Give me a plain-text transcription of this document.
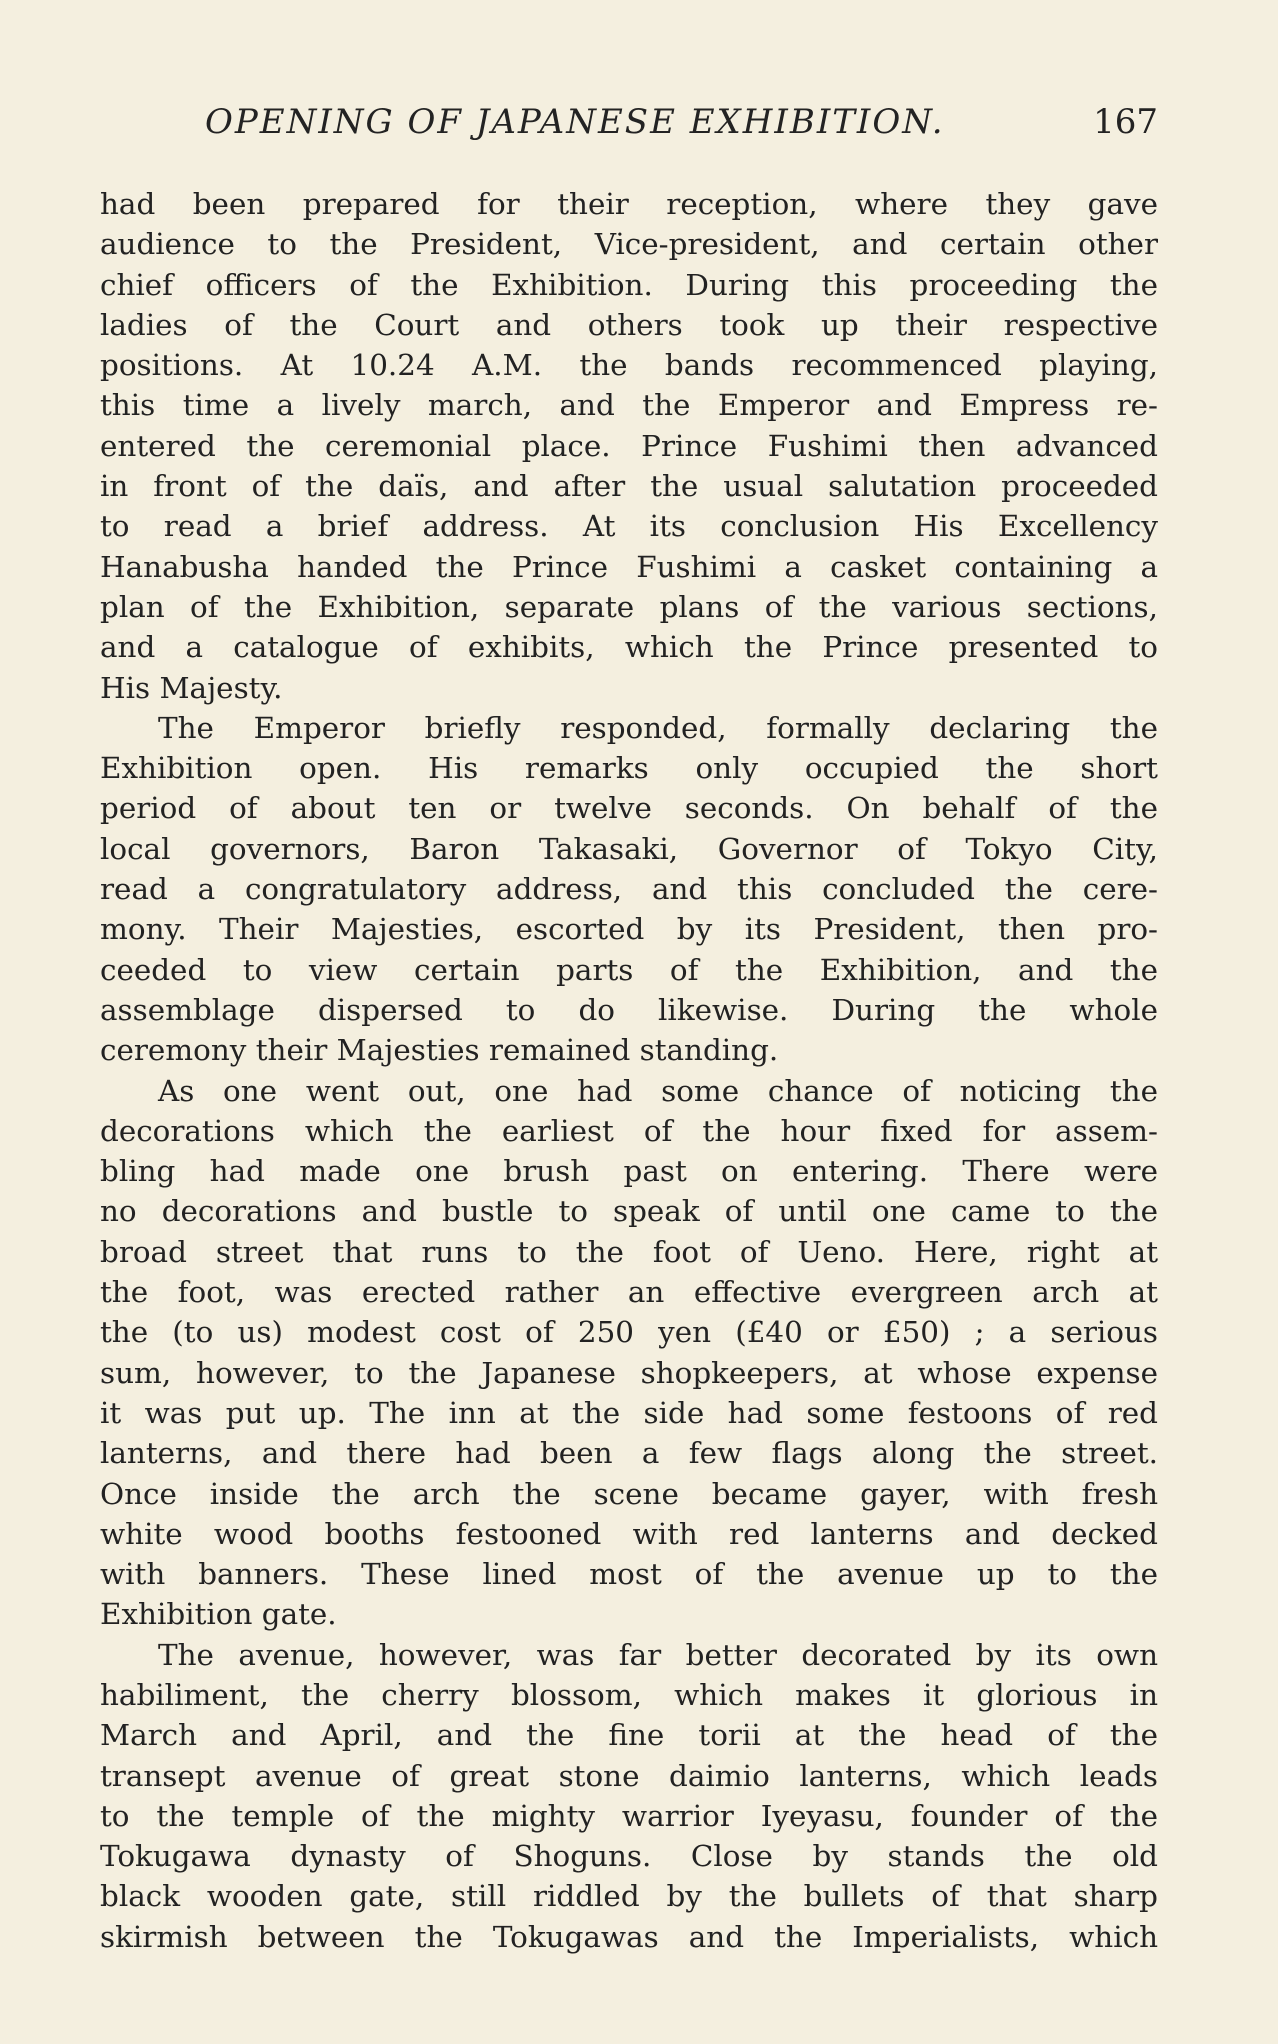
OPENING OF JAPANESE EXHIBITION.	167
had been prepared for their reception, where they gave
audience to the President, Vice-president, and certain other
chief officers of the Exhibition. During this proceeding the
ladies of the Court and others took up their respective
positions. At 10.24 A.M. the bands recommenced playing,
this time a lively march, and the Emperor and Empress re-
entered the ceremonial place. Prince Fushimi then advanced
in front of the daïs, and after the usual salutation proceeded
to read a brief address. At its conclusion His Excellency
Hanabusha handed the Prince Fushimi a casket containing a
plan of the Exhibition, separate plans of the various sections,
and a catalogue of exhibits, which the Prince presented to
His Majesty.
The Emperor briefly responded, formally declaring the
Exhibition open. His remarks only occupied the short
period of about ten or twelve seconds. On behalf of the
local governors, Baron Takasaki, Governor of Tokyo City,
read a congratulatory address, and this concluded the cere-
mony. Their Majesties, escorted by its President, then pro-
ceeded to view certain parts of the Exhibition, and the
assemblage dispersed to do likewise. During the whole
ceremony their Majesties remained standing.
As one went out, one had some chance of noticing the
decorations which the earliest of the hour fixed for assem-
bling had made one brush past on entering. There were
no decorations and bustle to speak of until one came to the
broad street that runs to the foot of Ueno. Here, right at
the foot, was erected rather an effective evergreen arch at
the (to us) modest cost of 250 yen (£40 or £50) ; a serious
sum, however, to the Japanese shopkeepers, at whose expense
it was put up. The inn at the side had some festoons of red
lanterns, and there had been a few flags along the street.
Once inside the arch the scene became gayer, with fresh
white wood booths festooned with red lanterns and decked
with banners. These lined most of the avenue up to the
Exhibition gate.
The avenue, however, was far better decorated by its own
habiliment, the cherry blossom, which makes it glorious in
March and April, and the fine torii at the head of the
transept avenue of great stone daimio lanterns, which leads
to the temple of the mighty warrior Iyeyasu, founder of the
Tokugawa dynasty of Shoguns. Close by stands the old
black wooden gate, still riddled by the bullets of that sharp
skirmish between the Tokugawas and the Imperialists, which
